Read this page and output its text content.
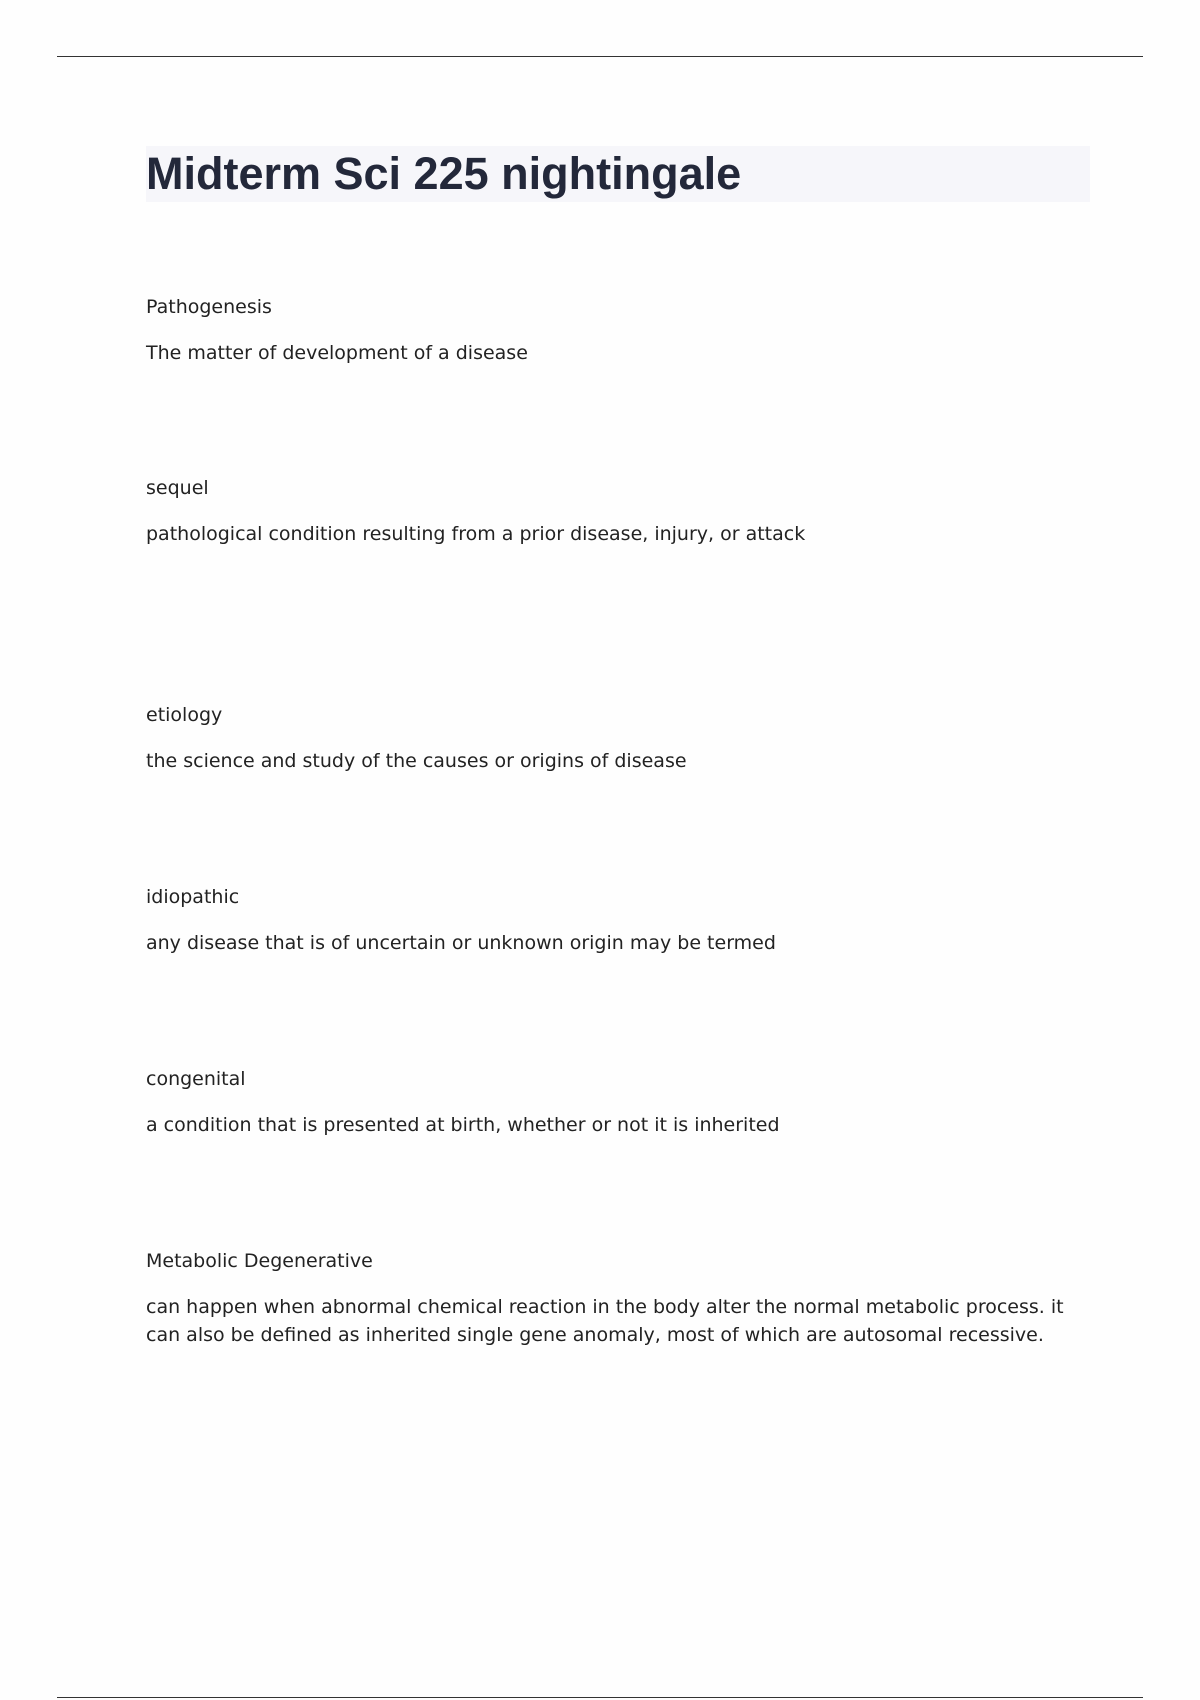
Midterm Sci 225 nightingale

Pathogenesis

The matter of development of a disease

sequel

pathological condition resulting from a prior disease, injury, or attack

etiology

the science and study of the causes or origins of disease

idiopathic

any disease that is of uncertain or unknown origin may be termed

congenital

a condition that is presented at birth, whether or not it is inherited

Metabolic Degenerative

can happen when abnormal chemical reaction in the body alter the normal metabolic process. it can also be defined as inherited single gene anomaly, most of which are autosomal recessive.
